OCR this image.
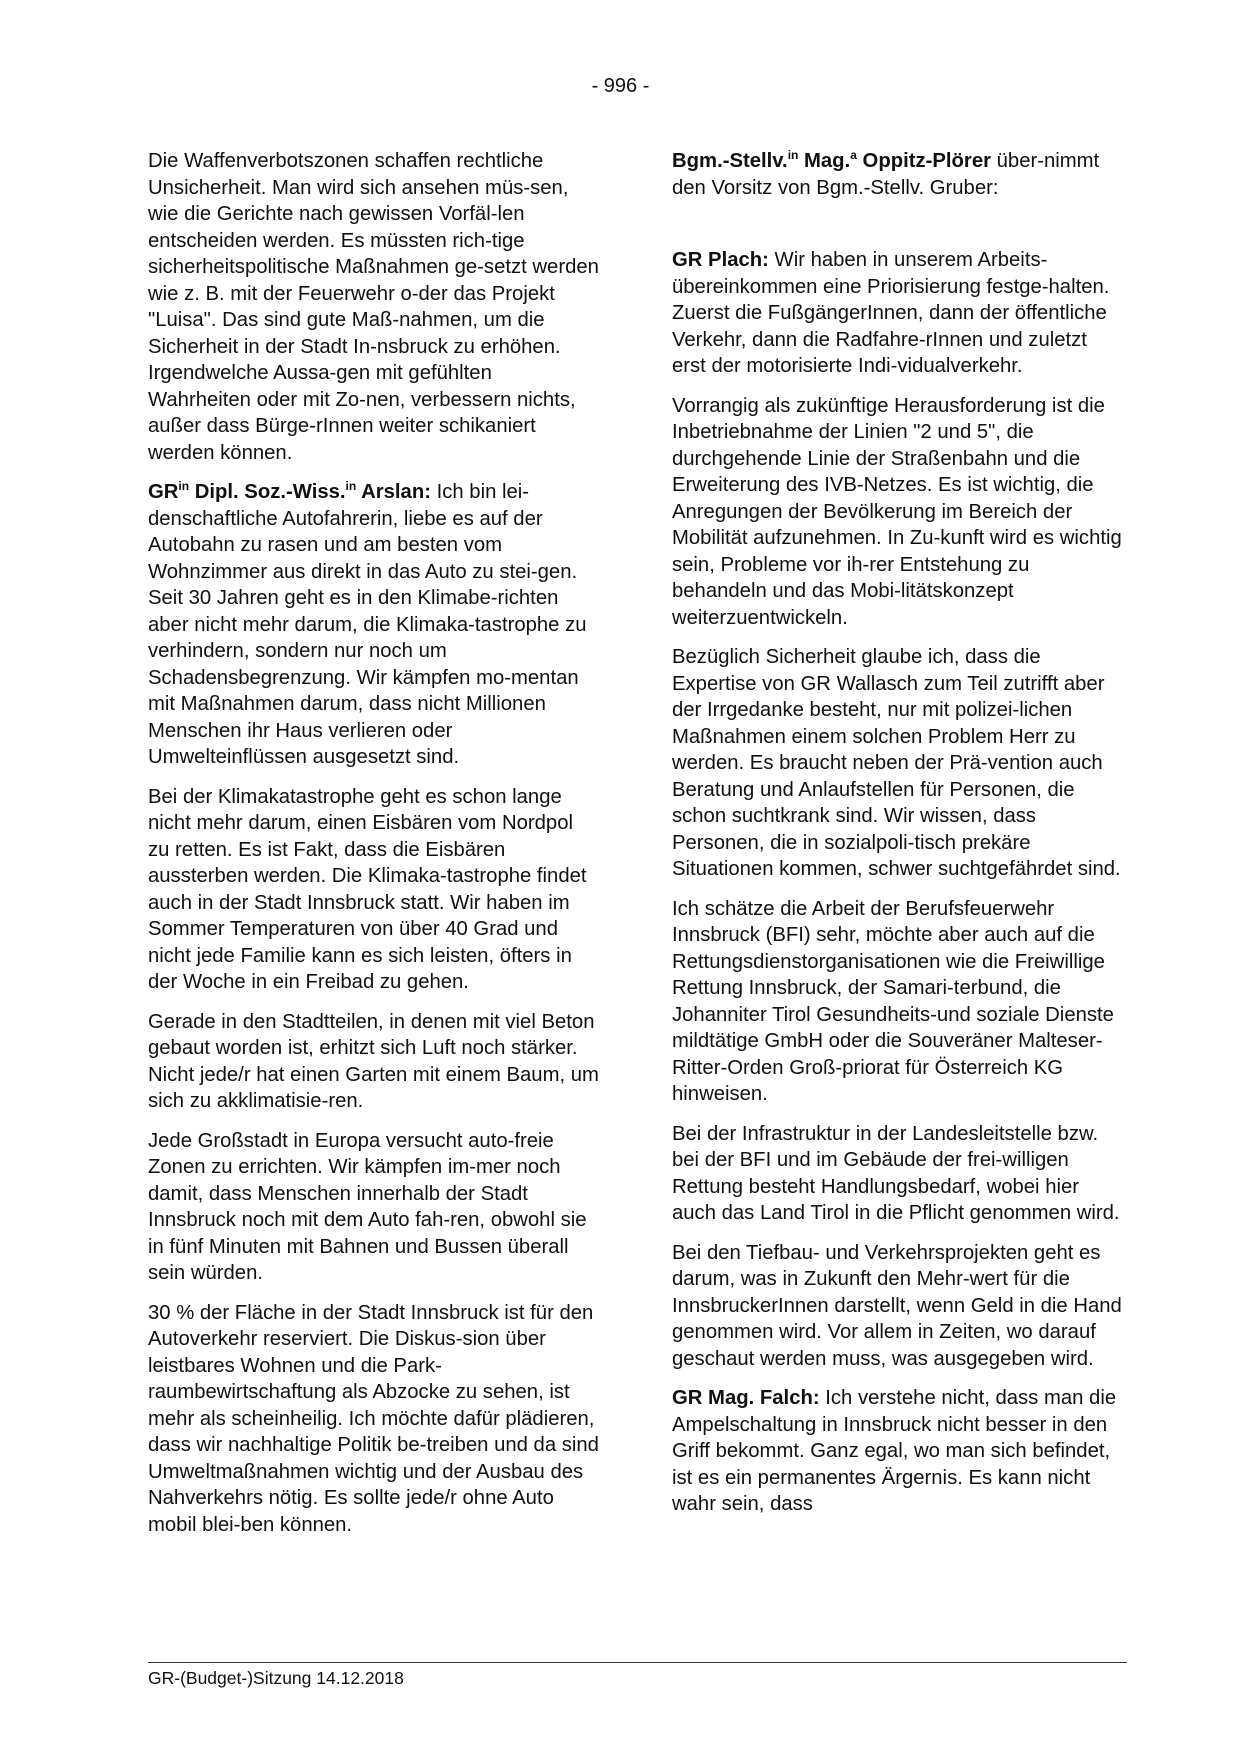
- 996 -

Die Waffenverbotszonen schaffen rechtliche Unsicherheit. Man wird sich ansehen müs-sen, wie die Gerichte nach gewissen Vorfäl-len entscheiden werden. Es müssten rich-tige sicherheitspolitische Maßnahmen ge-setzt werden wie z. B. mit der Feuerwehr o-der das Projekt "Luisa". Das sind gute Maß-nahmen, um die Sicherheit in der Stadt In-nsbruck zu erhöhen. Irgendwelche Aussa-gen mit gefühlten Wahrheiten oder mit Zo-nen, verbessern nichts, außer dass Bürge-rInnen weiter schikaniert werden können.

$GR^{in}$ Dipl. Soz.-Wiss.$^{in}$ Arslan: Ich bin lei-denschaftliche Autofahrerin, liebe es auf der Autobahn zu rasen und am besten vom Wohnzimmer aus direkt in das Auto zu stei-gen. Seit 30 Jahren geht es in den Klimabe-richten aber nicht mehr darum, die Klimaka-tastrophe zu verhindern, sondern nur noch um Schadensbegrenzung. Wir kämpfen mo-mentan mit Maßnahmen darum, dass nicht Millionen Menschen ihr Haus verlieren oder Umwelteinflüssen ausgesetzt sind.

Bei der Klimakatastrophe geht es schon lange nicht mehr darum, einen Eisbären vom Nordpol zu retten. Es ist Fakt, dass die Eisbären aussterben werden. Die Klimaka-tastrophe findet auch in der Stadt Innsbruck statt. Wir haben im Sommer Temperaturen von über 40 Grad und nicht jede Familie kann es sich leisten, öfters in der Woche in ein Freibad zu gehen.

Gerade in den Stadtteilen, in denen mit viel Beton gebaut worden ist, erhitzt sich Luft noch stärker. Nicht jede/r hat einen Garten mit einem Baum, um sich zu akklimatisie-ren.

Jede Großstadt in Europa versucht auto-freie Zonen zu errichten. Wir kämpfen im-mer noch damit, dass Menschen innerhalb der Stadt Innsbruck noch mit dem Auto fah-ren, obwohl sie in fünf Minuten mit Bahnen und Bussen überall sein würden.

30 % der Fläche in der Stadt Innsbruck ist für den Autoverkehr reserviert. Die Diskus-sion über leistbares Wohnen und die Park-raumbewirtschaftung als Abzocke zu sehen, ist mehr als scheinheilig. Ich möchte dafür plädieren, dass wir nachhaltige Politik be-treiben und da sind Umweltmaßnahmen wichtig und der Ausbau des Nahverkehrs nötig. Es sollte jede/r ohne Auto mobil blei-ben können.

Bgm.-Stellv.$^{in}$ Mag.$^a$ Oppitz-Plörer über-nimmt den Vorsitz von Bgm.-Stellv. Gruber:

GR Plach: Wir haben in unserem Arbeits-übereinkommen eine Priorisierung festge-halten. Zuerst die FußgängerInnen, dann der öffentliche Verkehr, dann die Radfahre-rInnen und zuletzt erst der motorisierte Indi-vidualverkehr.

Vorrangig als zukünftige Herausforderung ist die Inbetriebnahme der Linien "2 und 5", die durchgehende Linie der Straßenbahn und die Erweiterung des IVB-Netzes. Es ist wichtig, die Anregungen der Bevölkerung im Bereich der Mobilität aufzunehmen. In Zu-kunft wird es wichtig sein, Probleme vor ih-rer Entstehung zu behandeln und das Mobi-litätskonzept weiterzuentwickeln.

Bezüglich Sicherheit glaube ich, dass die Expertise von GR Wallasch zum Teil zutrifft aber der Irrgedanke besteht, nur mit polizei-lichen Maßnahmen einem solchen Problem Herr zu werden. Es braucht neben der Prä-vention auch Beratung und Anlaufstellen für Personen, die schon suchtkrank sind. Wir wissen, dass Personen, die in sozialpoli-tisch prekäre Situationen kommen, schwer suchtgefährdet sind.

Ich schätze die Arbeit der Berufsfeuerwehr Innsbruck (BFI) sehr, möchte aber auch auf die Rettungsdienstorganisationen wie die Freiwillige Rettung Innsbruck, der Samari-terbund, die Johanniter Tirol Gesundheits-und soziale Dienste mildtätige GmbH oder die Souveräner Malteser-Ritter-Orden Groß-priorat für Österreich KG hinweisen.

Bei der Infrastruktur in der Landesleitstelle bzw. bei der BFI und im Gebäude der frei-willigen Rettung besteht Handlungsbedarf, wobei hier auch das Land Tirol in die Pflicht genommen wird.

Bei den Tiefbau- und Verkehrsprojekten geht es darum, was in Zukunft den Mehr-wert für die InnsbruckerInnen darstellt, wenn Geld in die Hand genommen wird. Vor allem in Zeiten, wo darauf geschaut werden muss, was ausgegeben wird.

GR Mag. Falch: Ich verstehe nicht, dass man die Ampelschaltung in Innsbruck nicht besser in den Griff bekommt. Ganz egal, wo man sich befindet, ist es ein permanentes Ärgernis. Es kann nicht wahr sein, dass

GR-(Budget-)Sitzung 14.12.2018
